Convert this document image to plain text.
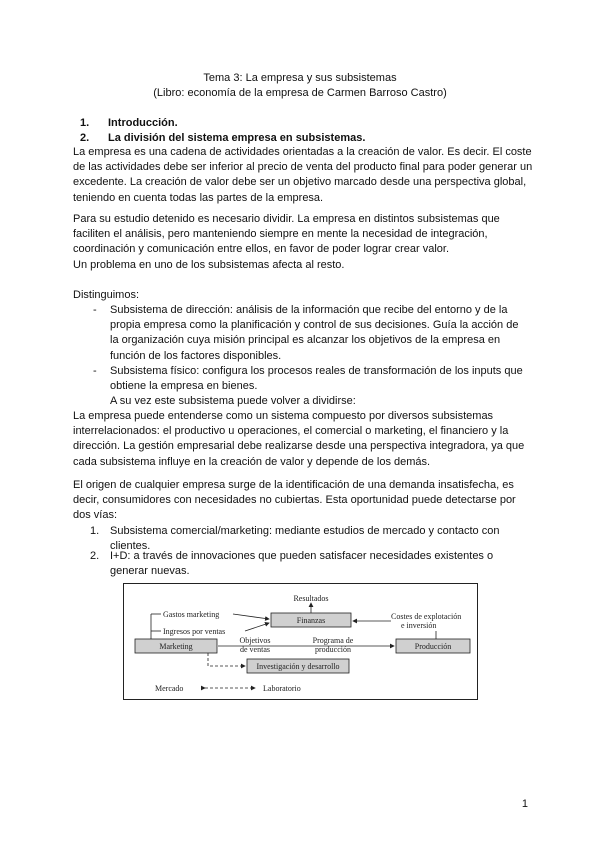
Tema 3: La empresa y sus subsistemas
(Libro: economía de la empresa de Carmen Barroso Castro)
1. Introducción.
2. La división del sistema empresa en subsistemas.
La empresa es una cadena de actividades orientadas a la creación de valor. Es decir. El coste de las actividades debe ser inferior al precio de venta del producto final para poder generar un excedente. La creación de valor debe ser un objetivo marcado desde una perspectiva global, teniendo en cuenta todas las partes de la empresa.
Para su estudio detenido es necesario dividir. La empresa en distintos subsistemas que faciliten el análisis, pero manteniendo siempre en mente la necesidad de integración, coordinación y comunicación entre ellos, en favor de poder lograr crear valor.
Un problema en uno de los subsistemas afecta al resto.
Distinguimos:
- Subsistema de dirección: análisis de la información que recibe del entorno y de la propia empresa como la planificación y control de sus decisiones. Guía la acción de la organización cuya misión principal es alcanzar los objetivos de la empresa en función de los factores disponibles.
- Subsistema físico: configura los procesos reales de transformación de los inputs que obtiene la empresa en bienes.
A su vez este subsistema puede volver a dividirse:
La empresa puede entenderse como un sistema compuesto por diversos subsistemas interrelacionados: el productivo u operaciones, el comercial o marketing, el financiero y la dirección. La gestión empresarial debe realizarse desde una perspectiva integradora, ya que cada subsistema influye en la creación de valor y depende de los demás.
El origen de cualquier empresa surge de la identificación de una demanda insatisfecha, es decir, consumidores con necesidades no cubiertas. Esta oportunidad puede detectarse por dos vías:
1. Subsistema comercial/marketing: mediante estudios de mercado y contacto con clientes.
2. I+D: a través de innovaciones que pueden satisfacer necesidades existentes o generar nuevas.
Resultados
Finanzas
Gastos marketing
Ingresos por ventas
Costes de explotación
e inversión
Marketing	Producción
Objetivos
de ventas
Programa de
producción
Investigación y desarrollo
Mercado	Laboratorio
1
